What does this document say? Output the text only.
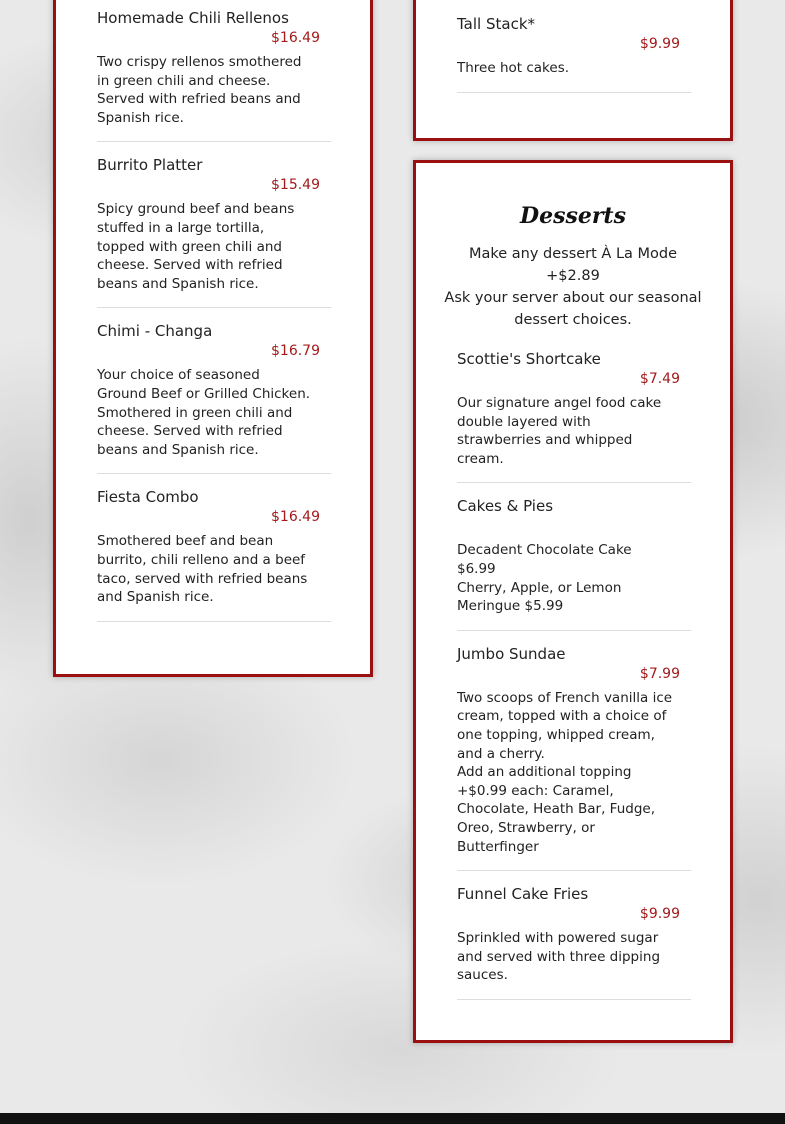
Homemade Chili Rellenos
$16.49
Two crispy rellenos smothered in green chili and cheese. Served with refried beans and Spanish rice.
Burrito Platter
$15.49
Spicy ground beef and beans stuffed in a large tortilla, topped with green chili and cheese. Served with refried beans and Spanish rice.
Chimi - Changa
$16.79
Your choice of seasoned Ground Beef or Grilled Chicken. Smothered in green chili and cheese. Served with refried beans and Spanish rice.
Fiesta Combo
$16.49
Smothered beef and bean burrito, chili relleno and a beef taco, served with refried beans and Spanish rice.
Tall Stack*
$9.99
Three hot cakes.
Desserts
Make any dessert À La Mode +$2.89
Ask your server about our seasonal dessert choices.
Scottie's Shortcake
$7.49
Our signature angel food cake double layered with strawberries and whipped cream.
Cakes & Pies
Decadent Chocolate Cake $6.99
Cherry, Apple, or Lemon Meringue $5.99
Jumbo Sundae
$7.99
Two scoops of French vanilla ice cream, topped with a choice of one topping, whipped cream, and a cherry.
Add an additional topping +$0.99 each: Caramel, Chocolate, Heath Bar, Fudge, Oreo, Strawberry, or Butterfinger
Funnel Cake Fries
$9.99
Sprinkled with powered sugar and served with three dipping sauces.
